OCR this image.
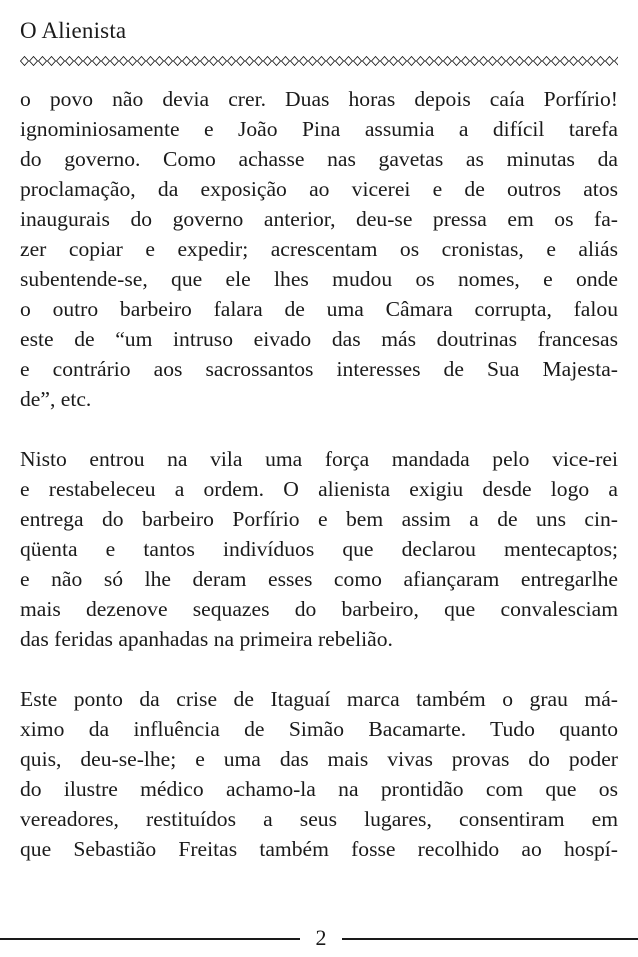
O Alienista
o povo não devia crer. Duas horas depois caía Porfírio!
ignominiosamente e João Pina assumia a difícil tarefa
do governo. Como achasse nas gavetas as minutas da
proclamação, da exposição ao vicerei e de outros atos
inaugurais do governo anterior, deu-se pressa em os fa-
zer copiar e expedir; acrescentam os cronistas, e aliás
subentende-se, que ele lhes mudou os nomes, e onde
o outro barbeiro falara de uma Câmara corrupta, falou
este de “um intruso eivado das más doutrinas francesas
e contrário aos sacrossantos interesses de Sua Majesta-
de”, etc.
Nisto entrou na vila uma força mandada pelo vice-rei
e restabeleceu a ordem. O alienista exigiu desde logo a
entrega do barbeiro Porfírio e bem assim a de uns cin-
qüenta e tantos indivíduos que declarou mentecaptos;
e não só lhe deram esses como afiançaram entregarlhe
mais dezenove sequazes do barbeiro, que convalesciam
das feridas apanhadas na primeira rebelião.
Este ponto da crise de Itaguaí marca também o grau má-
ximo da influência de Simão Bacamarte. Tudo quanto
quis, deu-se-lhe; e uma das mais vivas provas do poder
do ilustre médico achamo-la na prontidão com que os
vereadores, restituídos a seus lugares, consentiram em
que Sebastião Freitas também fosse recolhido ao hospí-
2
